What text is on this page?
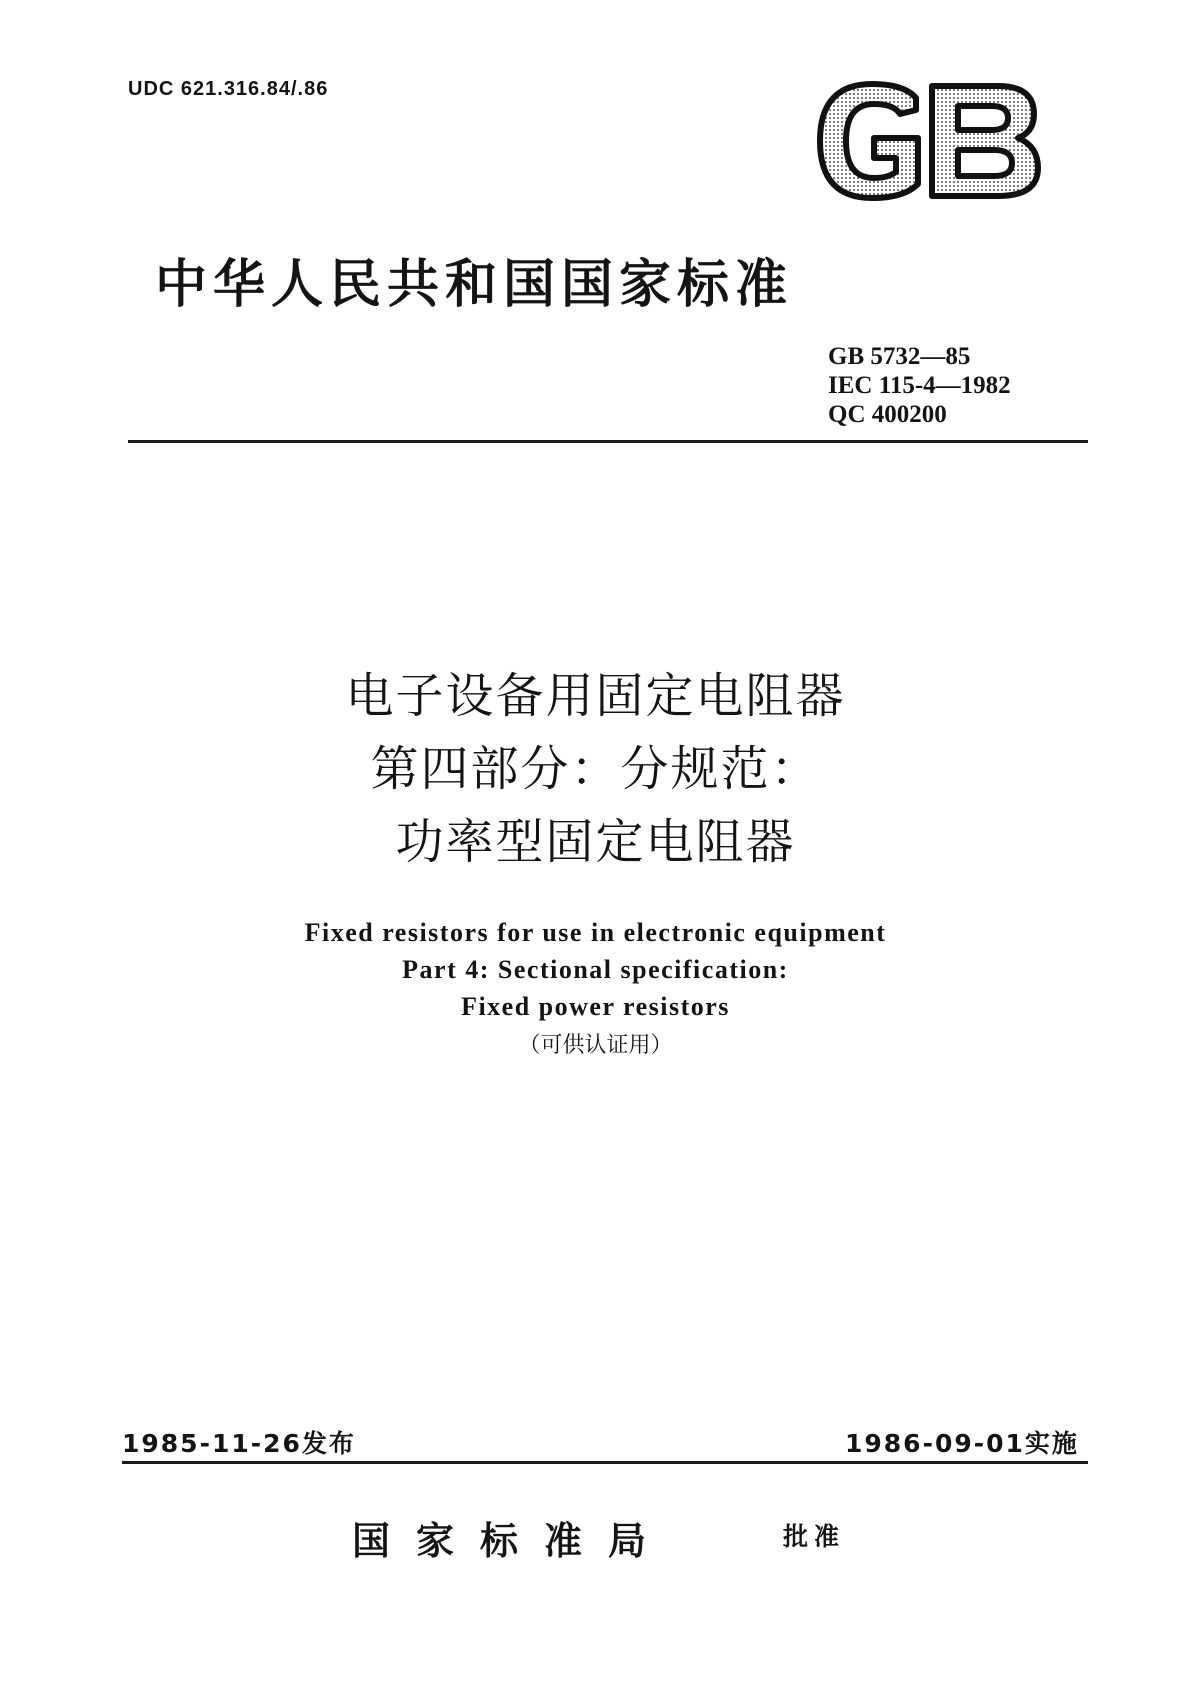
UDC 621.316.84/.86
中华人民共和国国家标准
GB 5732—85
IEC 115-4—1982
QC 400200
电子设备用固定电阻器
第四部分：分规范：
功率型固定电阻器
Fixed resistors for use in electronic equipment
Part 4: Sectional specification:
Fixed power resistors
（可供认证用）
1985-11-26发布	1986-09-01实施
国家标准局	批准
